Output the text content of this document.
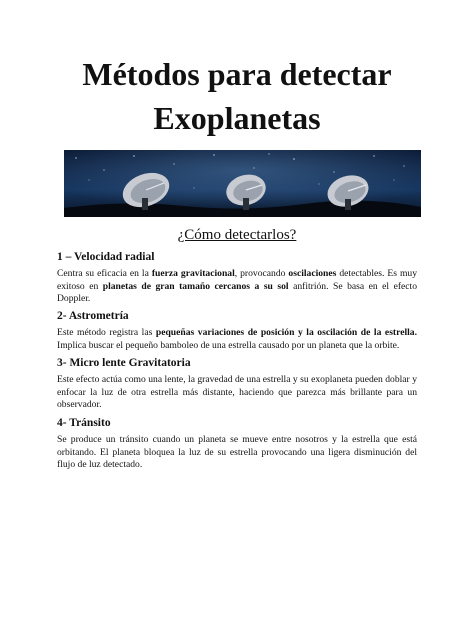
Métodos para detectar
Exoplanetas
¿Cómo detectarlos?
1 – Velocidad radial

Centra su eficacia en la fuerza gravitacional, provocando oscilaciones detectables. Es muy exitoso en planetas de gran tamaño cercanos a su sol anfitrión. Se basa en el efecto Doppler.

2- Astrometría

Este método registra las pequeñas variaciones de posición y la oscilación de la estrella. Implica buscar el pequeño bamboleo de una estrella causado por un planeta que la orbite.

3- Micro lente Gravitatoria

Este efecto actúa como una lente, la gravedad de una estrella y su exoplaneta pueden doblar y enfocar la luz de otra estrella más distante, haciendo que parezca más brillante para un observador.

4- Tránsito

Se produce un tránsito cuando un planeta se mueve entre nosotros y la estrella que está orbitando. El planeta bloquea la luz de su estrella provocando una ligera disminución del flujo de luz detectado.
